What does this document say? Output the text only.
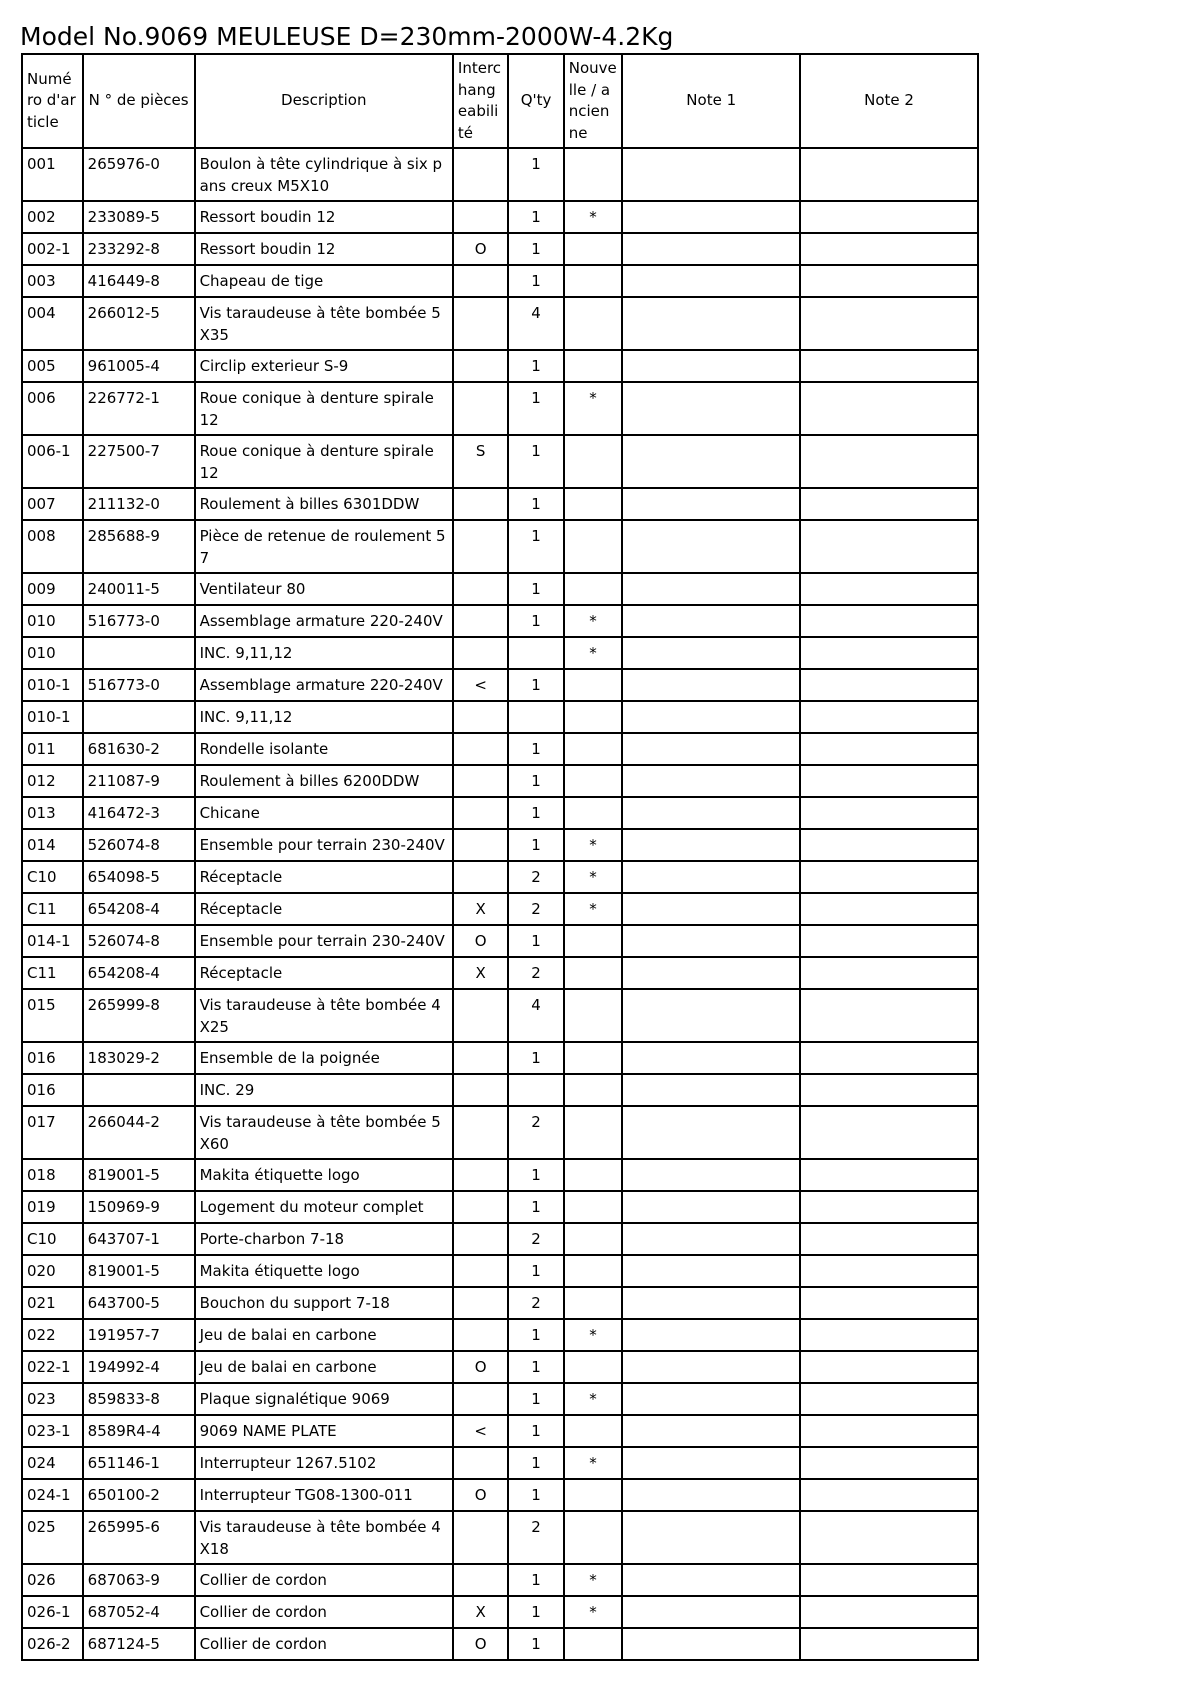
Model No.9069 MEULEUSE D=230mm-2000W-4.2Kg
Numéro d'article	N ° de pièces	Description	Interchangeabilité	Q'ty	Nouvelle / ancienne	Note 1	Note 2
001	265976-0	Boulon à tête cylindrique à six pans creux M5X10		1			
002	233089-5	Ressort boudin 12		1	*		
002-1	233292-8	Ressort boudin 12	O	1			
003	416449-8	Chapeau de tige		1			
004	266012-5	Vis taraudeuse à tête bombée 5X35		4			
005	961005-4	Circlip exterieur S-9		1			
006	226772-1	Roue conique à denture spirale 12		1	*		
006-1	227500-7	Roue conique à denture spirale 12	S	1			
007	211132-0	Roulement à billes 6301DDW		1			
008	285688-9	Pièce de retenue de roulement 57		1			
009	240011-5	Ventilateur 80		1			
010	516773-0	Assemblage armature 220-240V		1	*		
010		INC. 9,11,12			*		
010-1	516773-0	Assemblage armature 220-240V	<	1			
010-1		INC. 9,11,12					
011	681630-2	Rondelle isolante		1			
012	211087-9	Roulement à billes 6200DDW		1			
013	416472-3	Chicane		1			
014	526074-8	Ensemble pour terrain 230-240V		1	*		
C10	654098-5	Réceptacle		2	*		
C11	654208-4	Réceptacle	X	2	*		
014-1	526074-8	Ensemble pour terrain 230-240V	O	1			
C11	654208-4	Réceptacle	X	2			
015	265999-8	Vis taraudeuse à tête bombée 4X25		4			
016	183029-2	Ensemble de la poignée		1			
016		INC. 29					
017	266044-2	Vis taraudeuse à tête bombée 5X60		2			
018	819001-5	Makita étiquette logo		1			
019	150969-9	Logement du moteur complet		1			
C10	643707-1	Porte-charbon 7-18		2			
020	819001-5	Makita étiquette logo		1			
021	643700-5	Bouchon du support 7-18		2			
022	191957-7	Jeu de balai en carbone		1	*		
022-1	194992-4	Jeu de balai en carbone	O	1			
023	859833-8	Plaque signalétique 9069		1	*		
023-1	8589R4-4	9069 NAME PLATE	<	1			
024	651146-1	Interrupteur 1267.5102		1	*		
024-1	650100-2	Interrupteur TG08-1300-011	O	1			
025	265995-6	Vis taraudeuse à tête bombée 4X18		2			
026	687063-9	Collier de cordon		1	*		
026-1	687052-4	Collier de cordon	X	1	*		
026-2	687124-5	Collier de cordon	O	1			
